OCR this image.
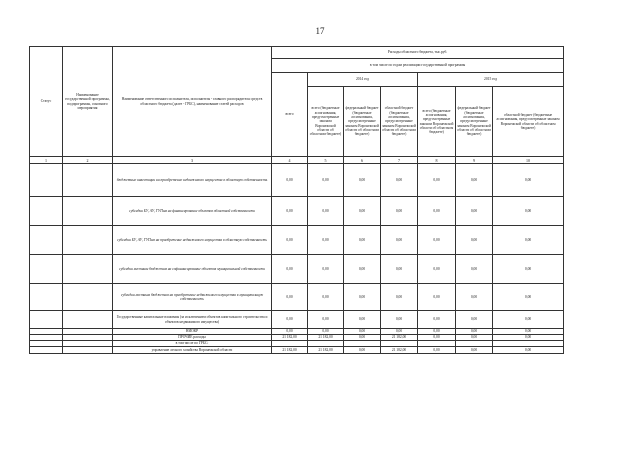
17
Статус	Наименование государственной программы, подпрограммы, основного мероприятия	Наименование ответственного исполнителя, исполнителя - главного распорядителя средств областного бюджета (далее - ГРБС), наименование статей расходов	Расходы областного бюджета, тыс.руб.						
			в том числе по годам реализации государственной программы						
			всего	2014 год			2015 год		
				всего (бюджетные ассигнования, предусмотренные законом Воронежской области об областном бюджете)	федеральный бюджет (бюджетные ассигнования, предусмотренные законом Воронежской области об областном бюджете)	областной бюджет (бюджетные ассигнования, предусмотренные законом Воронежской области об областном бюджете)	всего (бюджетные ассигнования, предусмотренные законом Воронежской области об областном бюджете)	федеральный бюджет (бюджетные ассигнования, предусмотренные законом Воронежской области об областном бюджете)	областной бюджет (бюджетные ассигнования, предусмотренные законом Воронежской области об областном бюджете)
1	2	3	4	5	6	7	8	9	10
		бюджетные инвестиции на приобретение недвижимого имущества в областную собственность	0,00	0,00	0,00	0,00	0,00	0,00	0,00
		субсидии БУ, АУ, ГУПам на финансирование объектов областной собственности	0,00	0,00	0,00	0,00	0,00	0,00	0,00
		субсидии БУ, АУ, ГУПам на приобретение недвижимого имущества в областную собственность	0,00	0,00	0,00	0,00	0,00	0,00	0,00
		субсидии местным бюджетам на софинансирование объектов муниципальной собственности	0,00	0,00	0,00	0,00	0,00	0,00	0,00
		субсидии местным бюджетам на приобретение недвижимого имущества в муниципальную собственность	0,00	0,00	0,00	0,00	0,00	0,00	0,00
		Государственные капитальные вложения (за исключением объектов капитального строительства и объектов недвижимого имущества)	0,00	0,00	0,00	0,00	0,00	0,00	0,00
		НИОКР	0,00	0,00	0,00	0,00	0,00	0,00	0,00
		ПРОЧИЕ расходы	21 182,00	21 182,00	0,00	21 182,00	0,00	0,00	0,00
		в том числе по ГРБС:							
		управление лесного хозяйства Воронежской области	21 182,00	21 182,00	0,00	21 182,00	0,00	0,00	0,00
